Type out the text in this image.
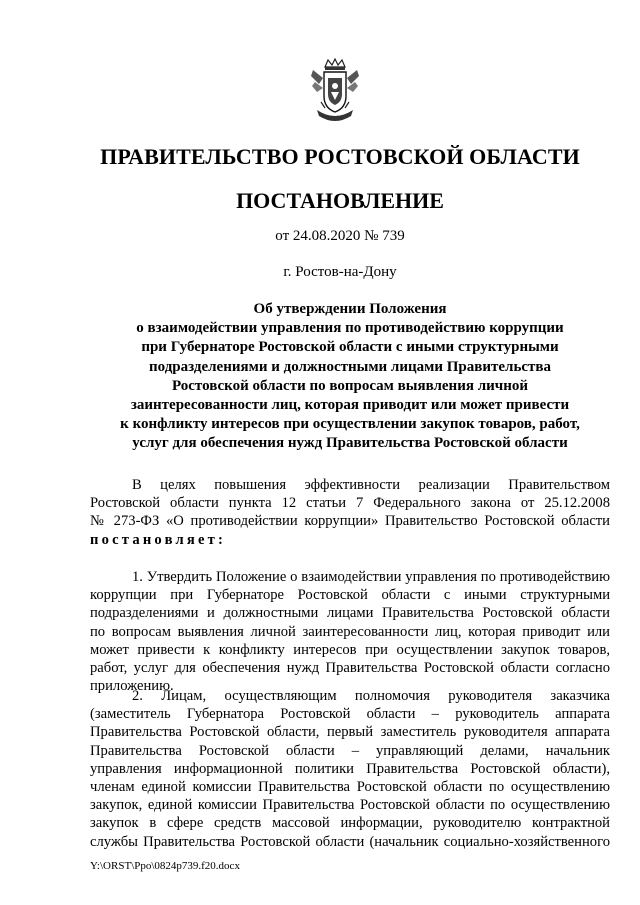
ПРАВИТЕЛЬСТВО РОСТОВСКОЙ ОБЛАСТИ
ПОСТАНОВЛЕНИЕ
от 24.08.2020 № 739
г. Ростов-на-Дону
Об утверждении Положения
о взаимодействии управления по противодействию коррупции
при Губернаторе Ростовской области с иными структурными
подразделениями и должностными лицами Правительства
Ростовской области по вопросам выявления личной
заинтересованности лиц, которая приводит или может привести
к конфликту интересов при осуществлении закупок товаров, работ,
услуг для обеспечения нужд Правительства Ростовской области
В целях повышения эффективности реализации Правительством
Ростовской области пункта 12 статьи 7 Федерального закона от 25.12.2008
№ 273-ФЗ «О противодействии коррупции» Правительство Ростовской области
постановляет:
1. Утвердить Положение о взаимодействии управления по противодействию
коррупции при Губернаторе Ростовской области с иными структурными
подразделениями и должностными лицами Правительства Ростовской области
по вопросам выявления личной заинтересованности лиц, которая приводит или
может привести к конфликту интересов при осуществлении закупок товаров,
работ, услуг для обеспечения нужд Правительства Ростовской области согласно
приложению.
2. Лицам, осуществляющим полномочия руководителя заказчика
(заместитель Губернатора Ростовской области – руководитель аппарата
Правительства Ростовской области, первый заместитель руководителя аппарата
Правительства Ростовской области – управляющий делами, начальник
управления информационной политики Правительства Ростовской области),
членам единой комиссии Правительства Ростовской области по осуществлению
закупок, единой комиссии Правительства Ростовской области по осуществлению
закупок в сфере средств массовой информации, руководителю контрактной
службы Правительства Ростовской области (начальник социально-хозяйственного
Y:\ORST\Ppo\0824p739.f20.docx
